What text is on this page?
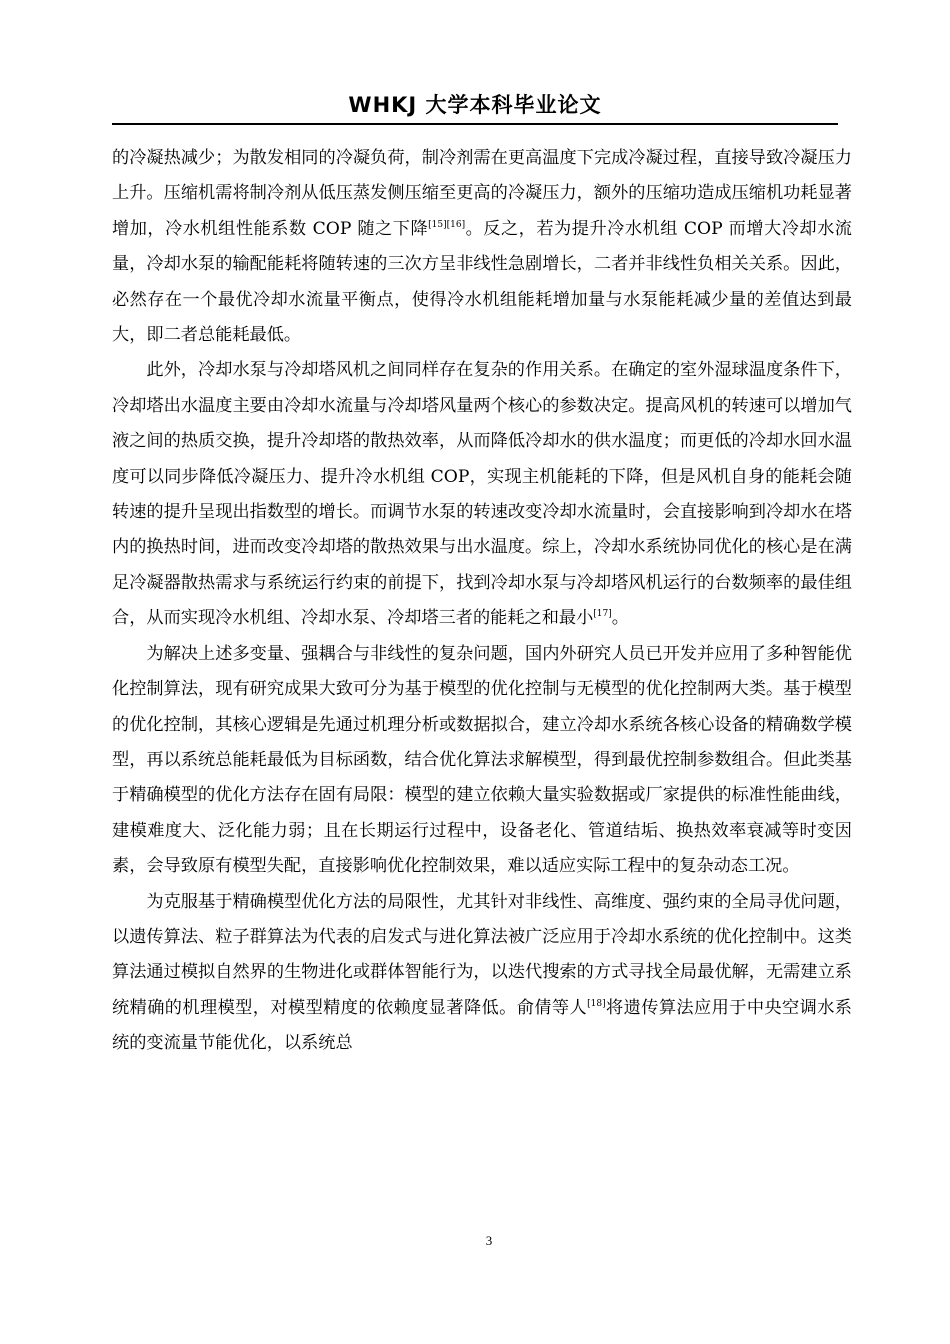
WHKJ 大学本科毕业论文

的冷凝热减少；为散发相同的冷凝负荷，制冷剂需在更高温度下完成冷凝过程，直接导致冷凝压力上升。压缩机需将制冷剂从低压蒸发侧压缩至更高的冷凝压力，额外的压缩功造成压缩机功耗显著增加，冷水机组性能系数 COP 随之下降[15][16]。反之，若为提升冷水机组 COP 而增大冷却水流量，冷却水泵的输配能耗将随转速的三次方呈非线性急剧增长，二者并非线性负相关关系。因此，必然存在一个最优冷却水流量平衡点，使得冷水机组能耗增加量与水泵能耗减少量的差值达到最大，即二者总能耗最低。

此外，冷却水泵与冷却塔风机之间同样存在复杂的作用关系。在确定的室外湿球温度条件下，冷却塔出水温度主要由冷却水流量与冷却塔风量两个核心的参数决定。提高风机的转速可以增加气液之间的热质交换，提升冷却塔的散热效率，从而降低冷却水的供水温度；而更低的冷却水回水温度可以同步降低冷凝压力、提升冷水机组 COP，实现主机能耗的下降，但是风机自身的能耗会随转速的提升呈现出指数型的增长。而调节水泵的转速改变冷却水流量时，会直接影响到冷却水在塔内的换热时间，进而改变冷却塔的散热效果与出水温度。综上，冷却水系统协同优化的核心是在满足冷凝器散热需求与系统运行约束的前提下，找到冷却水泵与冷却塔风机运行的台数频率的最佳组合，从而实现冷水机组、冷却水泵、冷却塔三者的能耗之和最小[17]。

为解决上述多变量、强耦合与非线性的复杂问题，国内外研究人员已开发并应用了多种智能优化控制算法，现有研究成果大致可分为基于模型的优化控制与无模型的优化控制两大类。基于模型的优化控制，其核心逻辑是先通过机理分析或数据拟合，建立冷却水系统各核心设备的精确数学模型，再以系统总能耗最低为目标函数，结合优化算法求解模型，得到最优控制参数组合。但此类基于精确模型的优化方法存在固有局限：模型的建立依赖大量实验数据或厂家提供的标准性能曲线，建模难度大、泛化能力弱；且在长期运行过程中，设备老化、管道结垢、换热效率衰减等时变因素，会导致原有模型失配，直接影响优化控制效果，难以适应实际工程中的复杂动态工况。

为克服基于精确模型优化方法的局限性，尤其针对非线性、高维度、强约束的全局寻优问题，以遗传算法、粒子群算法为代表的启发式与进化算法被广泛应用于冷却水系统的优化控制中。这类算法通过模拟自然界的生物进化或群体智能行为，以迭代搜索的方式寻找全局最优解，无需建立系统精确的机理模型，对模型精度的依赖度显著降低。俞倩等人[18]将遗传算法应用于中央空调水系统的变流量节能优化，以系统总

3
